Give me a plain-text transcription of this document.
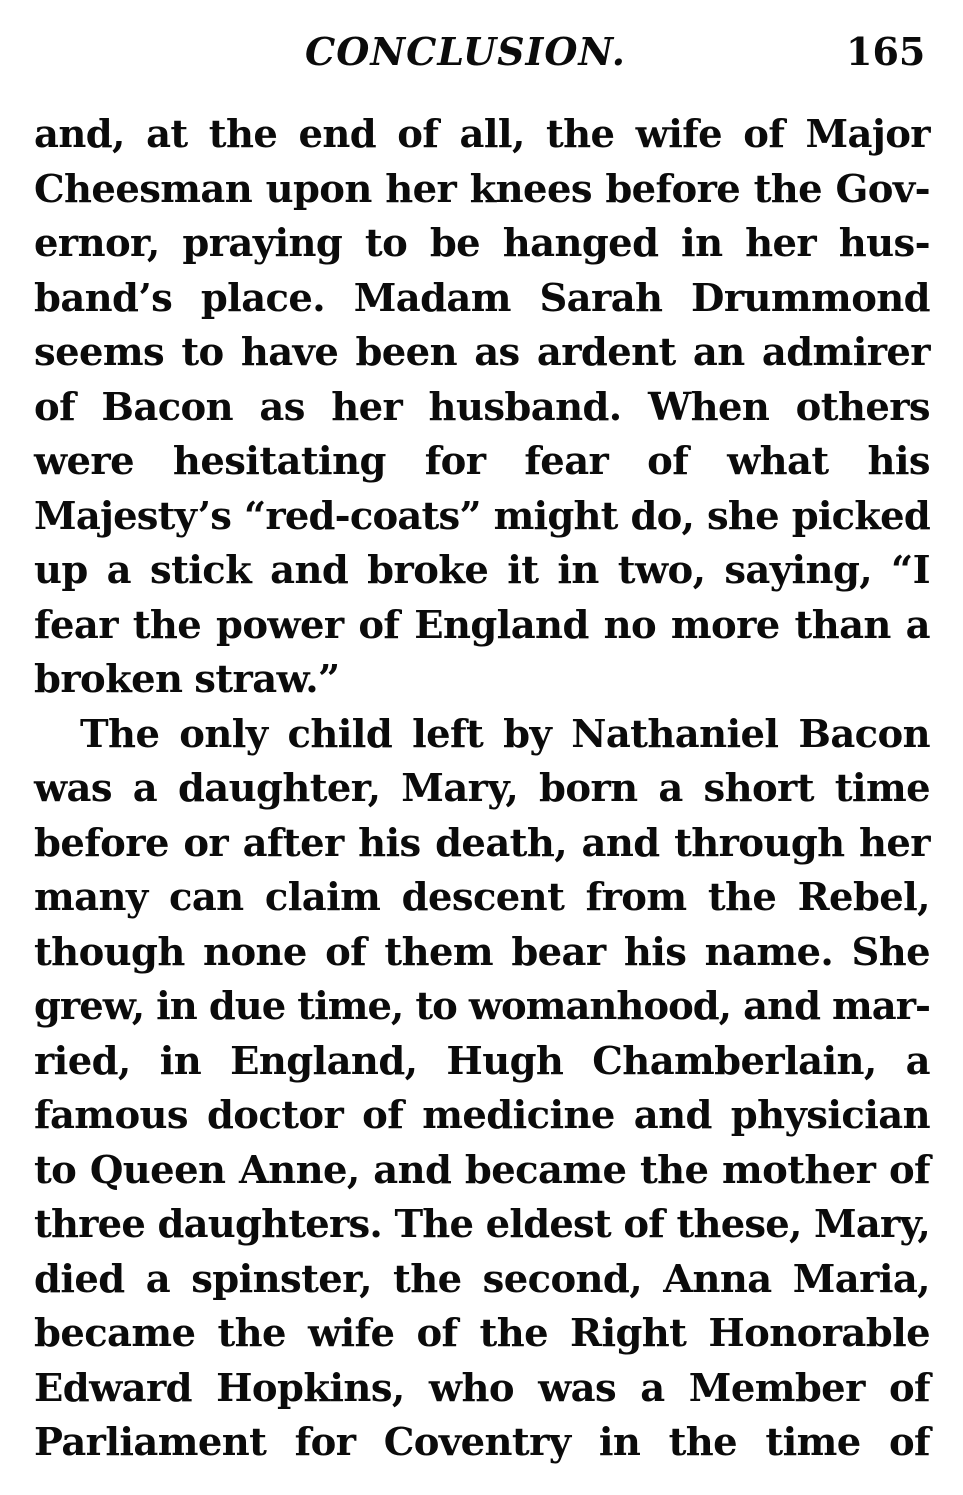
CONCLUSION.	165
and, at the end of all, the wife of Major
Cheesman upon her knees before the Gov-
ernor, praying to be hanged in her hus-
band’s place. Madam Sarah Drummond
seems to have been as ardent an admirer
of Bacon as her husband. When others
were hesitating for fear of what his
Majesty’s “red-coats” might do, she picked
up a stick and broke it in two, saying, “I
fear the power of England no more than a
broken straw.”
The only child left by Nathaniel Bacon
was a daughter, Mary, born a short time
before or after his death, and through her
many can claim descent from the Rebel,
though none of them bear his name. She
grew, in due time, to womanhood, and mar-
ried, in England, Hugh Chamberlain, a
famous doctor of medicine and physician
to Queen Anne, and became the mother of
three daughters. The eldest of these, Mary,
died a spinster, the second, Anna Maria,
became the wife of the Right Honorable
Edward Hopkins, who was a Member of
Parliament for Coventry in the time of
